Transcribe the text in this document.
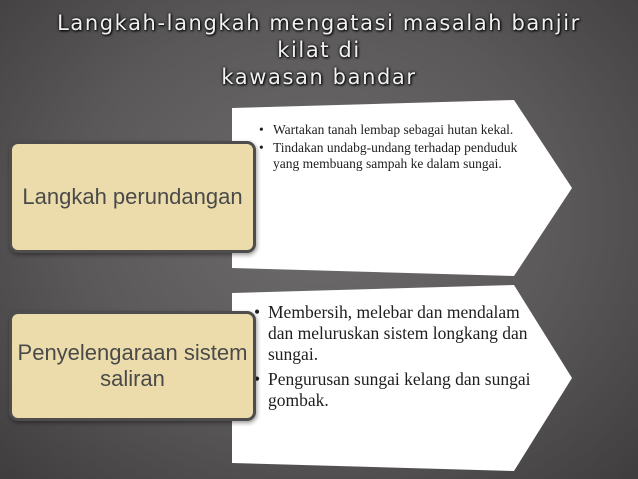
Langkah-langkah mengatasi masalah banjir kilat di
kawasan bandar
• Wartakan tanah lembap sebagai hutan kekal.
• Tindakan undabg-undang terhadap penduduk yang membuang sampah ke dalam sungai.
Langkah perundangan
• Membersih, melebar dan mendalam dan meluruskan sistem longkang dan sungai.
• Pengurusan sungai kelang dan sungai gombak.
Penyelengaraan sistem saliran
